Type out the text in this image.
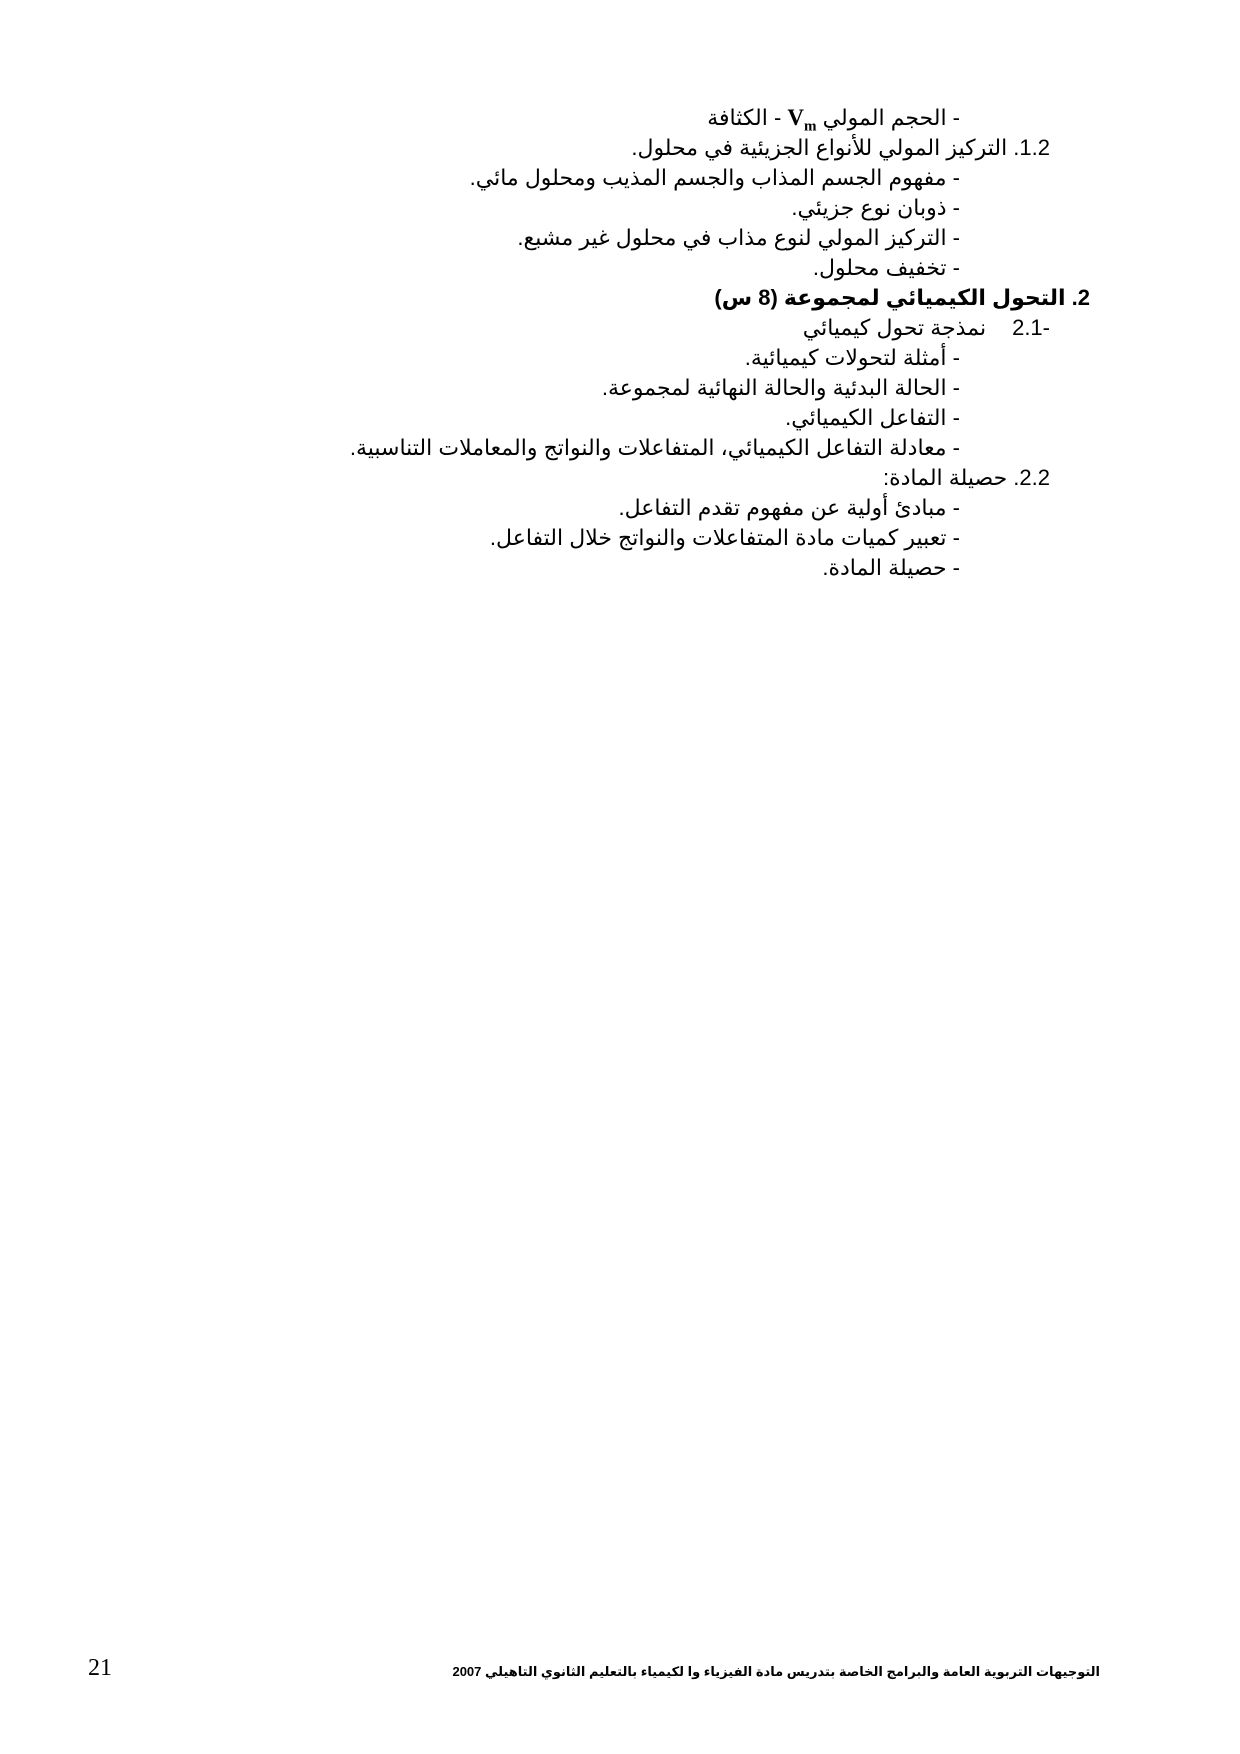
- الحجم المولي $V_m$ - الكثافة
1.2. التركيز المولي للأنواع الجزيئية في محلول.
- مفهوم الجسم المذاب والجسم المذيب ومحلول مائي.
- ذوبان نوع جزيئي.
- التركيز المولي لنوع مذاب في محلول غير مشبع.
- تخفيف محلول.
2. التحول الكيميائي لمجموعة (8 س)
-2.1نمذجة تحول كيميائي
- أمثلة لتحولات كيميائية.
- الحالة البدئية والحالة النهائية لمجموعة.
- التفاعل الكيميائي.
- معادلة التفاعل الكيميائي، المتفاعلات والنواتج والمعاملات التناسبية.
2.2. حصيلة المادة:
- مبادئ أولية عن مفهوم تقدم التفاعل.
- تعبير كميات مادة المتفاعلات والنواتج خلال التفاعل.
- حصيلة المادة.
التوجيهات التربوية العامة والبرامج الخاصة بتدريس مادة الفيزياء وا لكيمياء بالتعليم الثانوي التاهيلي 2007
21
